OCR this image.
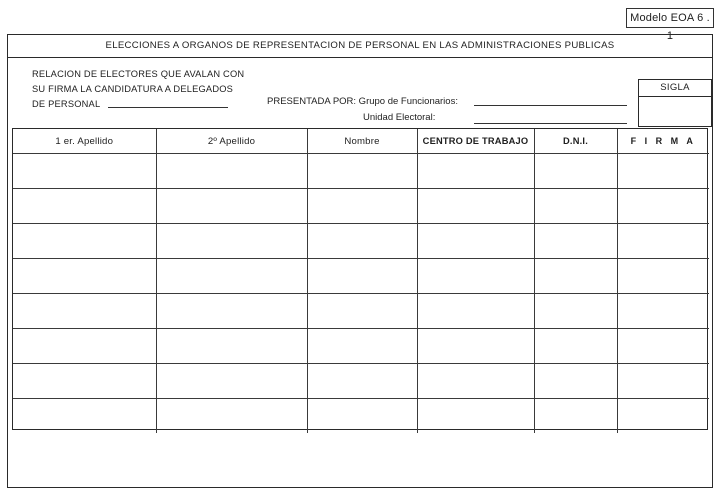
Modelo EOA 6 . 1
ELECCIONES A ORGANOS DE REPRESENTACION DE PERSONAL EN LAS ADMINISTRACIONES PUBLICAS
RELACION DE ELECTORES QUE AVALAN CON
SU FIRMA LA CANDIDATURA A DELEGADOS
DE PERSONAL	PRESENTADA POR: Grupo de Funcionarios:
Unidad Electoral:
SIGLA
1 er. Apellido	2º Apellido	Nombre	CENTRO DE TRABAJO	D.N.I.	F I R M A
